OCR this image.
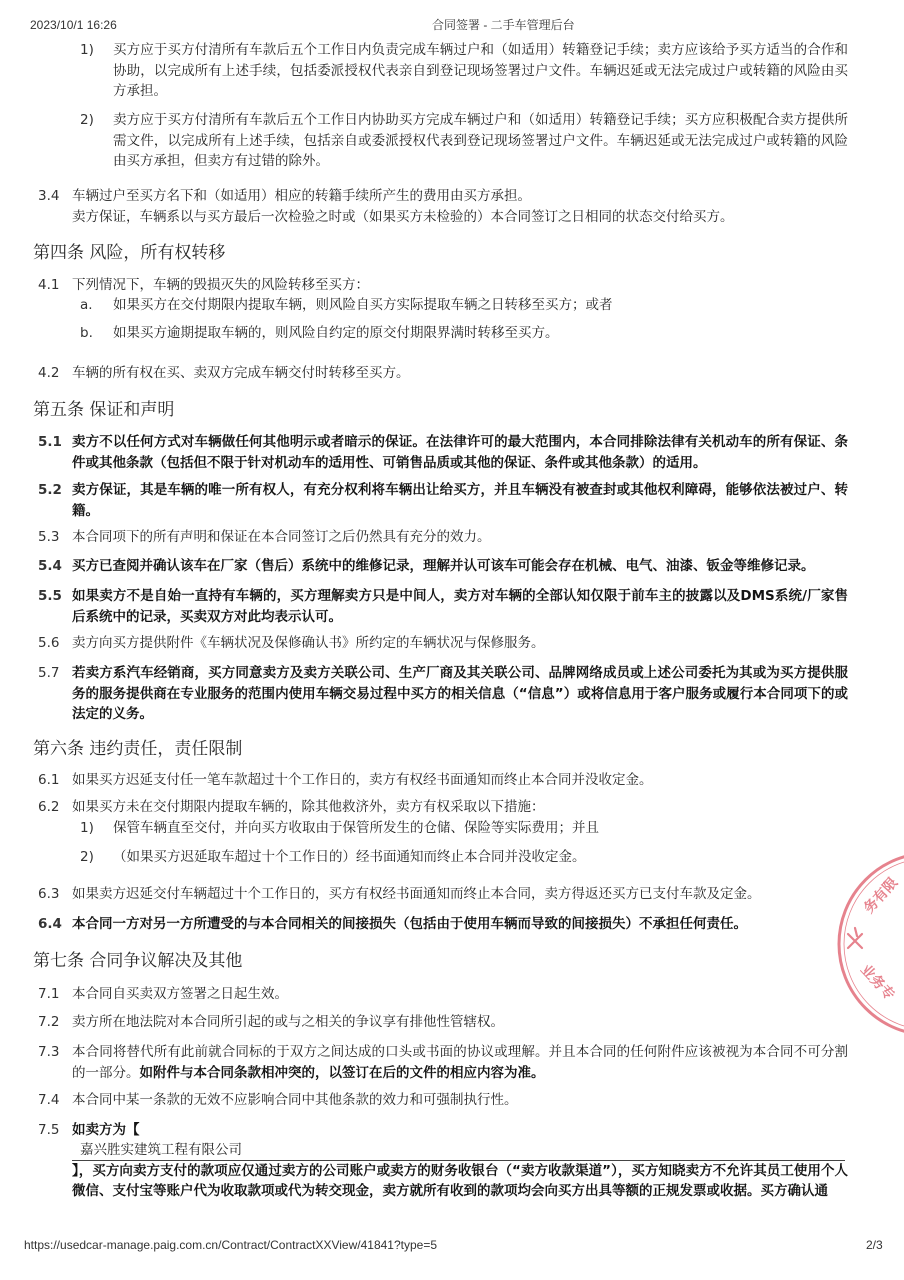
2023/10/1 16:26	合同签署 - 二手车管理后台
1)	买方应于买方付清所有车款后五个工作日内负责完成车辆过户和（如适用）转籍登记手续；卖方应该给予买方适当的合作和协助，以完成所有上述手续，包括委派授权代表亲自到登记现场签署过户文件。车辆迟延或无法完成过户或转籍的风险由买方承担。
2)	卖方应于买方付清所有车款后五个工作日内协助买方完成车辆过户和（如适用）转籍登记手续；买方应积极配合卖方提供所需文件，以完成所有上述手续，包括亲自或委派授权代表到登记现场签署过户文件。车辆迟延或无法完成过户或转籍的风险由买方承担，但卖方有过错的除外。
3.4 车辆过户至买方名下和（如适用）相应的转籍手续所产生的费用由买方承担。
卖方保证，车辆系以与买方最后一次检验之时或（如果买方未检验的）本合同签订之日相同的状态交付给买方。
第四条 风险，所有权转移
4.1 下列情况下，车辆的毁损灭失的风险转移至买方：
a.	如果买方在交付期限内提取车辆，则风险自买方实际提取车辆之日转移至买方；或者
b.	如果买方逾期提取车辆的，则风险自约定的原交付期限界满时转移至买方。
4.2 车辆的所有权在买、卖双方完成车辆交付时转移至买方。
第五条 保证和声明
5.1 卖方不以任何方式对车辆做任何其他明示或者暗示的保证。在法律许可的最大范围内，本合同排除法律有关机动车的所有保证、条件或其他条款（包括但不限于针对机动车的适用性、可销售品质或其他的保证、条件或其他条款）的适用。
5.2 卖方保证，其是车辆的唯一所有权人，有充分权利将车辆出让给买方，并且车辆没有被查封或其他权利障碍，能够依法被过户、转籍。
5.3 本合同项下的所有声明和保证在本合同签订之后仍然具有充分的效力。
5.4 买方已查阅并确认该车在厂家（售后）系统中的维修记录，理解并认可该车可能会存在机械、电气、油漆、钣金等维修记录。
5.5 如果卖方不是自始一直持有车辆的，买方理解卖方只是中间人，卖方对车辆的全部认知仅限于前车主的披露以及DMS系统/厂家售后系统中的记录，买卖双方对此均表示认可。
5.6 卖方向买方提供附件《车辆状况及保修确认书》所约定的车辆状况与保修服务。
5.7 若卖方系汽车经销商，买方同意卖方及卖方关联公司、生产厂商及其关联公司、品牌网络成员或上述公司委托为其或为买方提供服务的服务提供商在专业服务的范围内使用车辆交易过程中买方的相关信息（“信息”）或将信息用于客户服务或履行本合同项下的或法定的义务。
第六条 违约责任，责任限制
6.1 如果买方迟延支付任一笔车款超过十个工作日的，卖方有权经书面通知而终止本合同并没收定金。
6.2 如果买方未在交付期限内提取车辆的，除其他救济外，卖方有权采取以下措施：
1)	保管车辆直至交付，并向买方收取由于保管所发生的仓储、保险等实际费用；并且
2)	（如果买方迟延取车超过十个工作日的）经书面通知而终止本合同并没收定金。
6.3 如果卖方迟延交付车辆超过十个工作日的，买方有权经书面通知而终止本合同，卖方得返还买方已支付车款及定金。
6.4 本合同一方对另一方所遭受的与本合同相关的间接损失（包括由于使用车辆而导致的间接损失）不承担任何责任。
第七条 合同争议解决及其他
7.1 本合同自买卖双方签署之日起生效。
7.2 卖方所在地法院对本合同所引起的或与之相关的争议享有排他性管辖权。
7.3 本合同将替代所有此前就合同标的于双方之间达成的口头或书面的协议或理解。并且本合同的任何附件应该被视为本合同不可分割的一部分。如附件与本合同条款相冲突的，以签订在后的文件的相应内容为准。
7.4 本合同中某一条款的无效不应影响合同中其他条款的效力和可强制执行性。
7.5 如卖方为【
嘉兴胜实建筑工程有限公司
】，买方向卖方支付的款项应仅通过卖方的公司账户或卖方的财务收银台（“卖方收款渠道”），买方知晓卖方不允许其员工使用个人微信、支付宝等账户代为收取款项或代为转交现金，卖方就所有收到的款项均会向买方出具等额的正规发票或收据。买方确认通
务有限
业务专
https://usedcar-manage.paig.com.cn/Contract/ContractXXView/41841?type=5	2/3
